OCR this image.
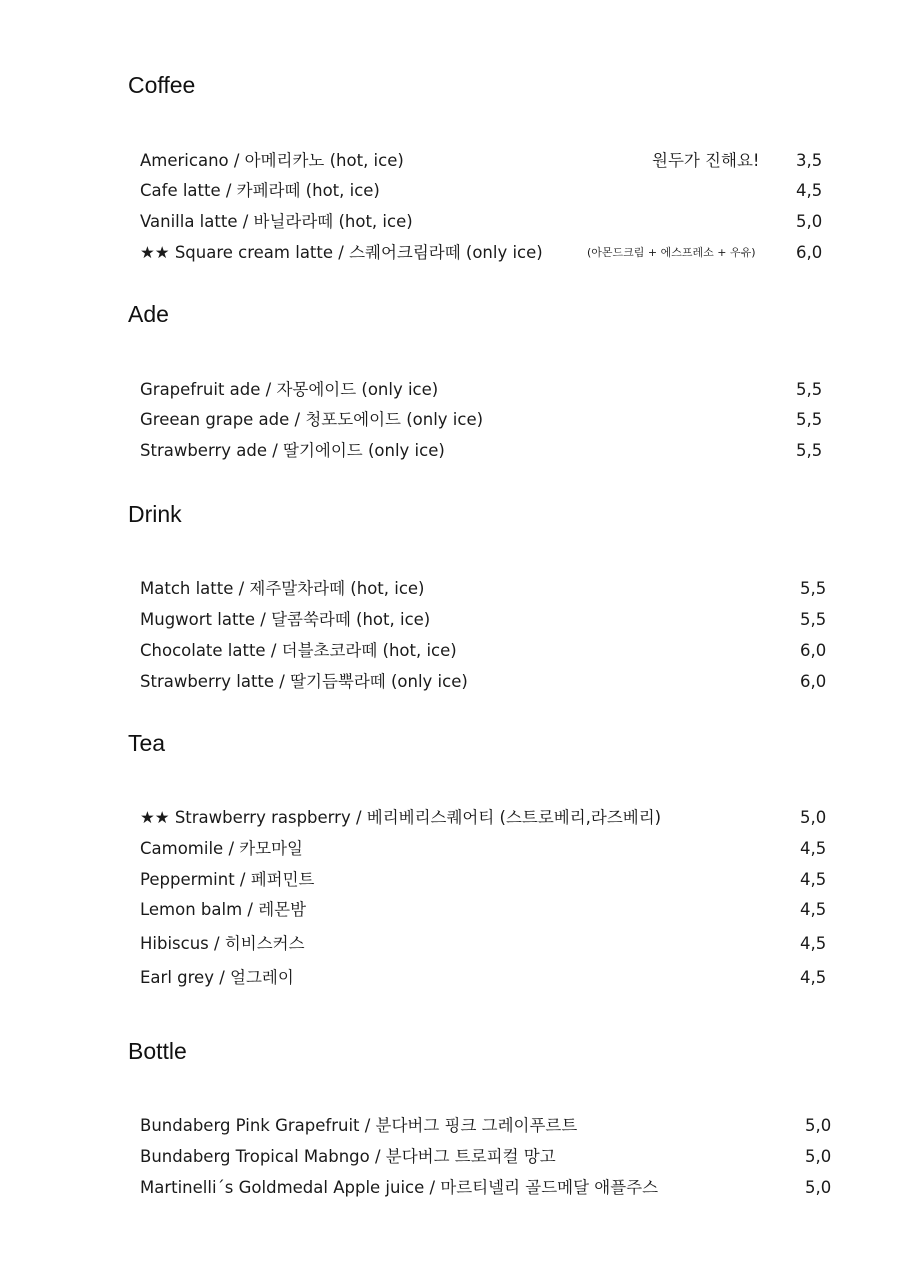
Coffee
Americano / 아메리카노 (hot, ice)	원두가 진해요! 3,5
Cafe latte / 카페라떼 (hot, ice)	4,5
Vanilla latte / 바닐라라떼 (hot, ice)	5,0
★★ Square cream latte / 스퀘어크림라떼 (only ice)	(아몬드크림 + 에스프레소 + 우유) 6,0
Ade
Grapefruit ade / 자몽에이드 (only ice)	5,5
Greean grape ade / 청포도에이드 (only ice)	5,5
Strawberry ade / 딸기에이드 (only ice)	5,5
Drink
Match latte / 제주말차라떼 (hot, ice)	5,5
Mugwort latte / 달콤쑥라떼 (hot, ice)	5,5
Chocolate latte / 더블초코라떼 (hot, ice)	6,0
Strawberry latte / 딸기듬뿍라떼 (only ice)	6,0
Tea
★★ Strawberry raspberry / 베리베리스퀘어티 (스트로베리,라즈베리)	5,0
Camomile / 카모마일	4,5
Peppermint / 페퍼민트	4,5
Lemon balm / 레몬밤	4,5
Hibiscus / 히비스커스	4,5
Earl grey / 얼그레이	4,5
Bottle
Bundaberg Pink Grapefruit / 분다버그 핑크 그레이푸르트	5,0
Bundaberg Tropical Mabngo / 분다버그 트로피컬 망고	5,0
Martinelli´s Goldmedal Apple juice / 마르티넬리 골드메달 애플주스	5,0
